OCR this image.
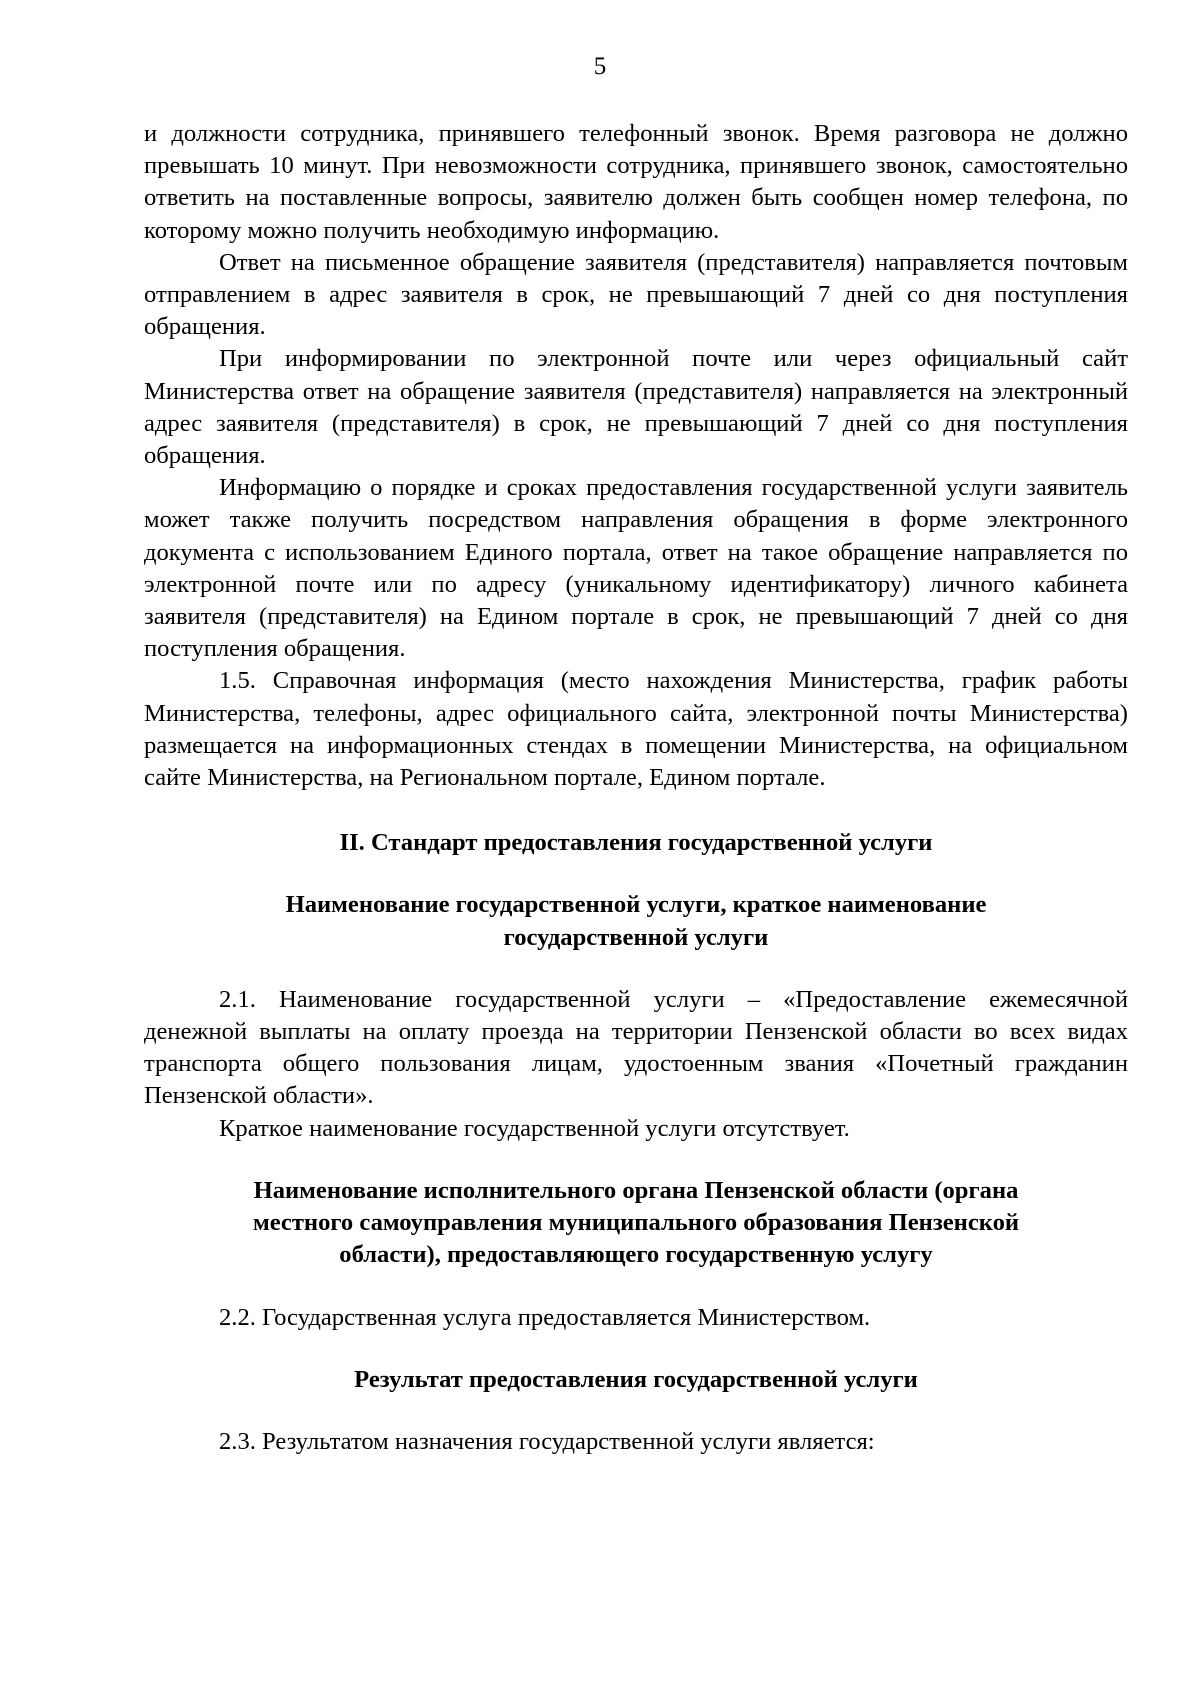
5

и должности сотрудника, принявшего телефонный звонок. Время разговора не должно превышать 10 минут. При невозможности сотрудника, принявшего звонок, самостоятельно ответить на поставленные вопросы, заявителю должен быть сообщен номер телефона, по которому можно получить необходимую информацию.

Ответ на письменное обращение заявителя (представителя) направляется почтовым отправлением в адрес заявителя в срок, не превышающий 7 дней со дня поступления обращения.

При информировании по электронной почте или через официальный сайт Министерства ответ на обращение заявителя (представителя) направляется на электронный адрес заявителя (представителя) в срок, не превышающий 7 дней со дня поступления обращения.

Информацию о порядке и сроках предоставления государственной услуги заявитель может также получить посредством направления обращения в форме электронного документа с использованием Единого портала, ответ на такое обращение направляется по электронной почте или по адресу (уникальному идентификатору) личного кабинета заявителя (представителя) на Едином портале в срок, не превышающий 7 дней со дня поступления обращения.

1.5. Справочная информация (место нахождения Министерства, график работы Министерства, телефоны, адрес официального сайта, электронной почты Министерства) размещается на информационных стендах в помещении Министерства, на официальном сайте Министерства, на Региональном портале, Едином портале.

II. Стандарт предоставления государственной услуги

Наименование государственной услуги, краткое наименование

государственной услуги

2.1. Наименование государственной услуги – «Предоставление ежемесячной денежной выплаты на оплату проезда на территории Пензенской области во всех видах транспорта общего пользования лицам, удостоенным звания «Почетный гражданин Пензенской области».

Краткое наименование государственной услуги отсутствует.

Наименование исполнительного органа Пензенской области (органа

местного самоуправления муниципального образования Пензенской

области), предоставляющего государственную услугу

2.2. Государственная услуга предоставляется Министерством.

Результат предоставления государственной услуги

2.3. Результатом назначения государственной услуги является:
